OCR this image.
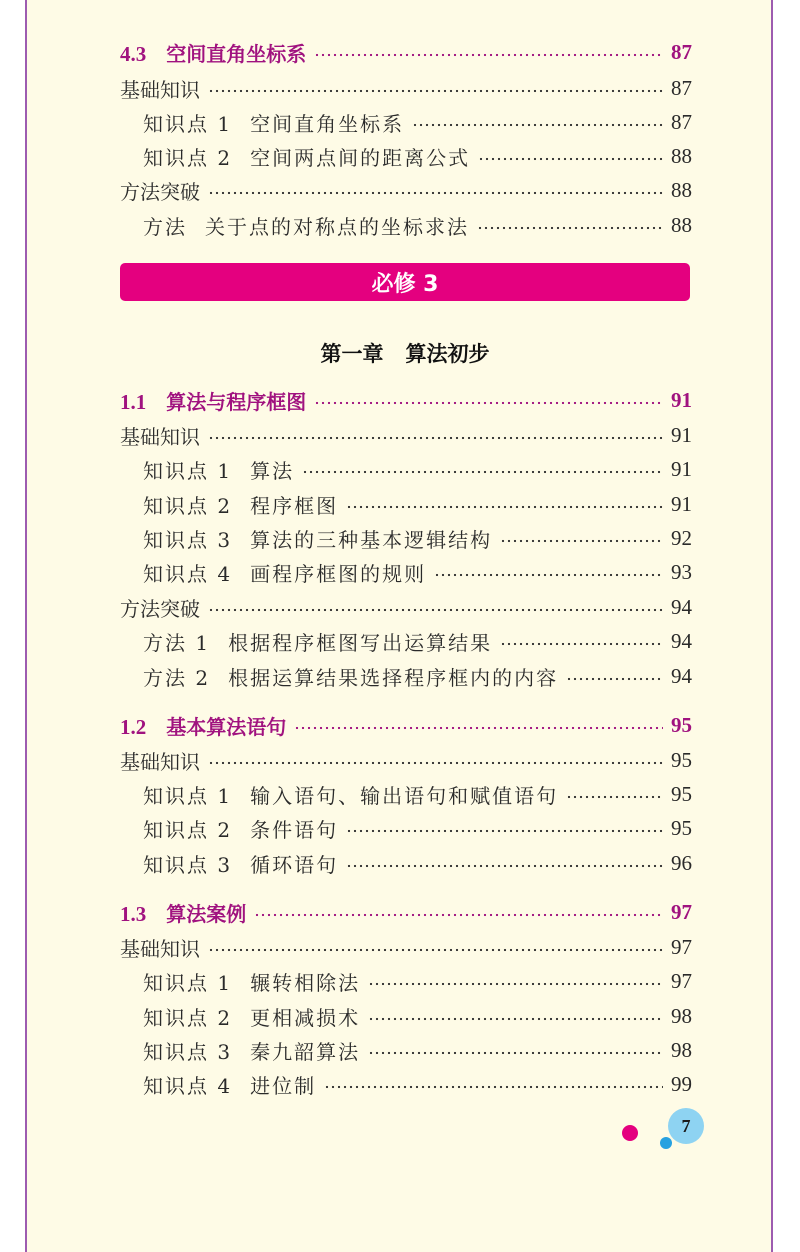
4.3 空间直角坐标系	87
基础知识	87
知识点 1 空间直角坐标系	87
知识点 2 空间两点间的距离公式	88
方法突破	88
方法 关于点的对称点的坐标求法	88
必修 3
第一章   算法初步
1.1 算法与程序框图	91
基础知识	91
知识点 1 算法	91
知识点 2 程序框图	91
知识点 3 算法的三种基本逻辑结构	92
知识点 4 画程序框图的规则	93
方法突破	94
方法 1 根据程序框图写出运算结果	94
方法 2 根据运算结果选择程序框内的内容	94
1.2 基本算法语句	95
基础知识	95
知识点 1 输入语句、输出语句和赋值语句	95
知识点 2 条件语句	95
知识点 3 循环语句	96
1.3 算法案例	97
基础知识	97
知识点 1 辗转相除法	97
知识点 2 更相减损术	98
知识点 3 秦九韶算法	98
知识点 4 进位制	99
7
